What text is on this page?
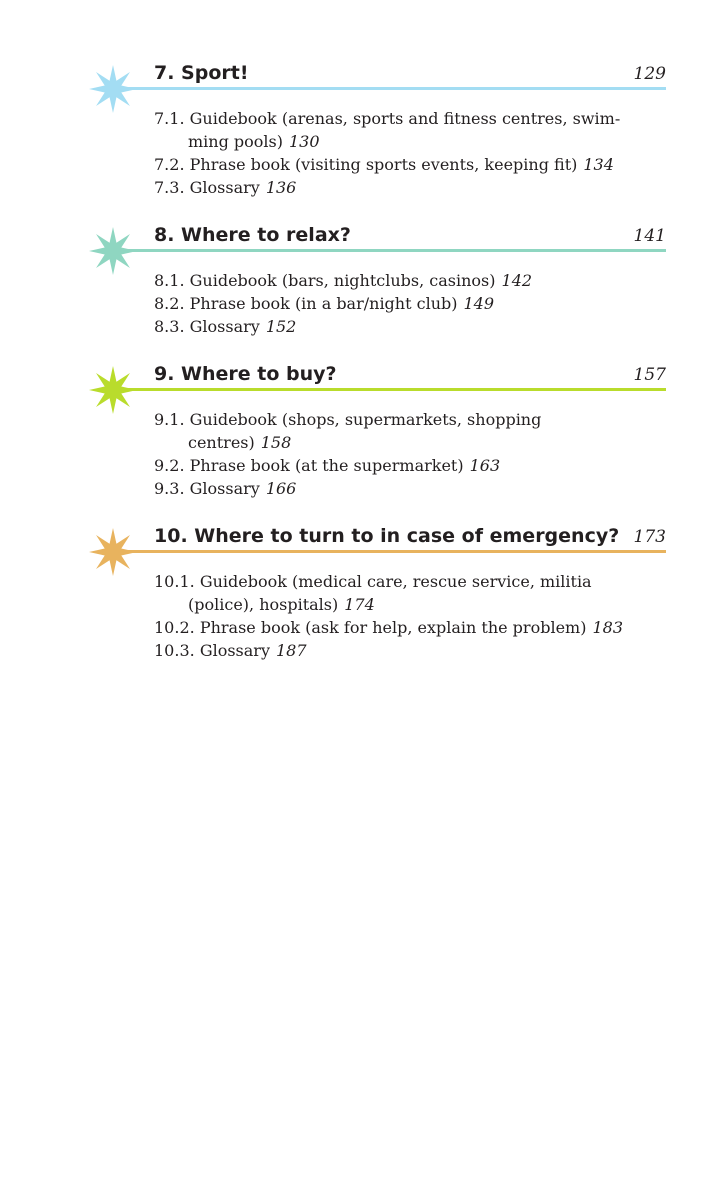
7. Sport!	129
7.1. Guidebook (arenas, sports and fitness centres, swim-ming pools) 130
7.2. Phrase book (visiting sports events, keeping fit) 134
7.3. Glossary 136
8. Where to relax?	141
8.1. Guidebook (bars, nightclubs, casinos) 142
8.2. Phrase book (in a bar/night club) 149
8.3. Glossary 152
9. Where to buy?	157
9.1. Guidebook (shops, supermarkets, shopping centres) 158
9.2. Phrase book (at the supermarket) 163
9.3. Glossary 166
10. Where to turn to in case of emergency? 173
10.1. Guidebook (medical care, rescue service, militia (police), hospitals) 174
10.2. Phrase book (ask for help, explain the problem) 183
10.3. Glossary 187
